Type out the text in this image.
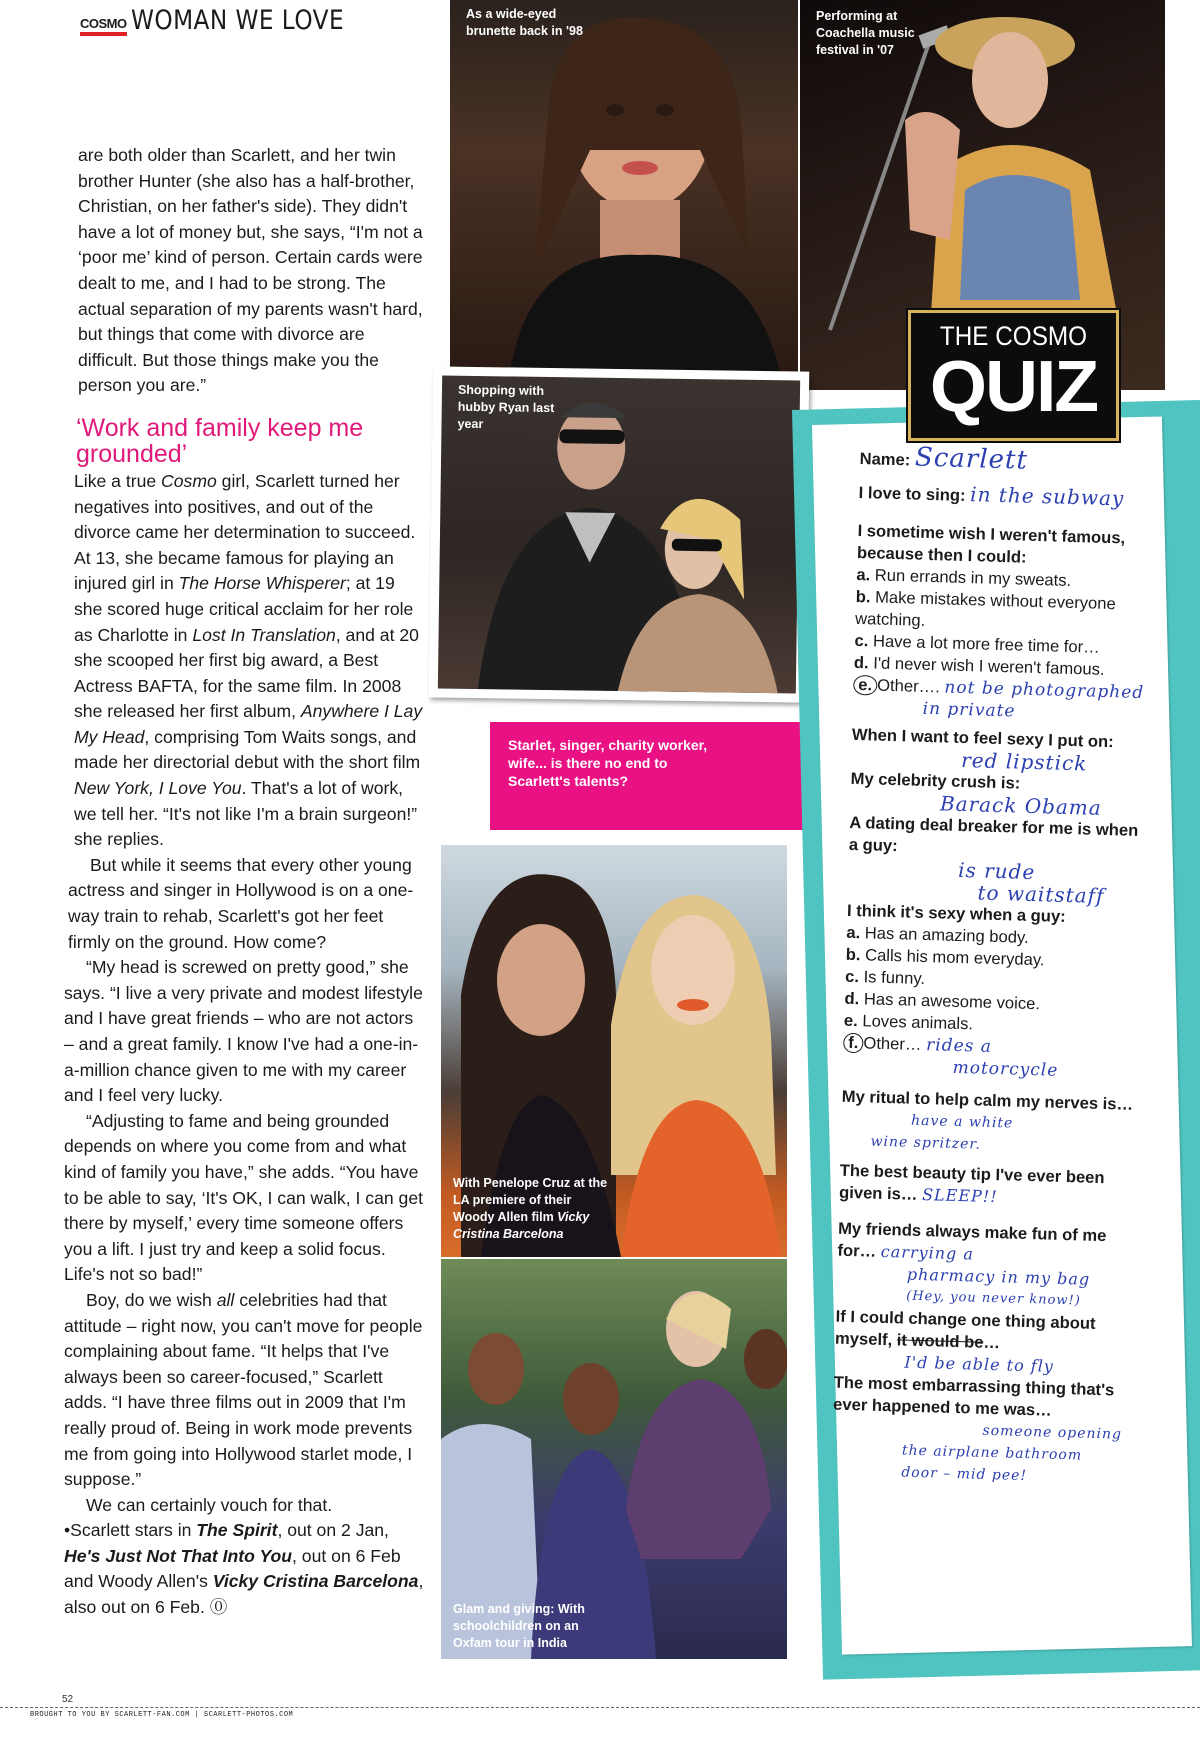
COSMO WOMAN WE LOVE	As a wide-eyed brunette back in '98
Performing at Coachella music festival in '07
Shopping with hubby Ryan last year
Starlet, singer, charity worker, wife... is there no end to Scarlett's talents?
With Penelope Cruz at the LA premiere of their Woody Allen film Vicky Cristina Barcelona
Glam and giving: With schoolchildren on an Oxfam tour in India
THE COSMO
QUIZ
Name: Scarlett
I love to sing: in the subway
I sometime wish I weren't famous, because then I could:
a. Run errands in my sweats.
b. Make mistakes without everyone watching.
c. Have a lot more free time for…
d. I'd never wish I weren't famous.
e. Other…. not be photographed
in private
When I want to feel sexy I put on:
red lipstick
My celebrity crush is:
Barack Obama
A dating deal breaker for me is when a guy:
is rude
to waitstaff
I think it's sexy when a guy:
a. Has an amazing body.
b. Calls his mom everyday.
c. Is funny.
d. Has an awesome voice.
e. Loves animals.
f. Other… rides a
motorcycle
My ritual to help calm my nerves is…
have a white
wine spritzer.
The best beauty tip I've ever been given is… SLEEP!!
My friends always make fun of me for… carrying a
pharmacy in my bag
(Hey, you never know!)
If I could change one thing about myself, it would be…
I'd be able to fly
The most embarrassing thing that's ever happened to me was…
someone opening
the airplane bathroom
door – mid pee!

are both older than Scarlett, and her twin brother Hunter (she also has a half-brother, Christian, on her father's side). They didn't have a lot of money but, she says, “I'm not a ‘poor me’ kind of person. Certain cards were dealt to me, and I had to be strong. The actual separation of my parents wasn't hard, but things that come with divorce are difficult. But those things make you the person you are.”

‘Work and family keep me grounded’

Like a true Cosmo girl, Scarlett turned her negatives into positives, and out of the divorce came her determination to succeed. At 13, she became famous for playing an injured girl in The Horse Whisperer; at 19 she scored huge critical acclaim for her role as Charlotte in Lost In Translation, and at 20 she scooped her first big award, a Best Actress BAFTA, for the same film. In 2008 she released her first album, Anywhere I Lay My Head, comprising Tom Waits songs, and made her directorial debut with the short film New York, I Love You. That's a lot of work, we tell her. “It's not like I'm a brain surgeon!” she replies.

But while it seems that every other young actress and singer in Hollywood is on a one-way train to rehab, Scarlett's got her feet firmly on the ground. How come?

“My head is screwed on pretty good,” she says. “I live a very private and modest lifestyle and I have great friends – who are not actors – and a great family. I know I've had a one-in-a-million chance given to me with my career and I feel very lucky.

“Adjusting to fame and being grounded depends on where you come from and what kind of family you have,” she adds. “You have to be able to say, ‘It's OK, I can walk, I can get there by myself,’ every time someone offers you a lift. I just try and keep a solid focus. Life's not so bad!”

Boy, do we wish all celebrities had that attitude – right now, you can't move for people complaining about fame. “It helps that I've always been so career-focused,” Scarlett adds. “I have three films out in 2009 that I'm really proud of. Being in work mode prevents me from going into Hollywood starlet mode, I suppose.”

We can certainly vouch for that.

•Scarlett stars in The Spirit, out on 2 Jan, He's Just Not That Into You, out on 6 Feb and Woody Allen's Vicky Cristina Barcelona, also out on 6 Feb. ⓪

52
BROUGHT TO YOU BY SCARLETT-FAN.COM | SCARLETT-PHOTOS.COM
